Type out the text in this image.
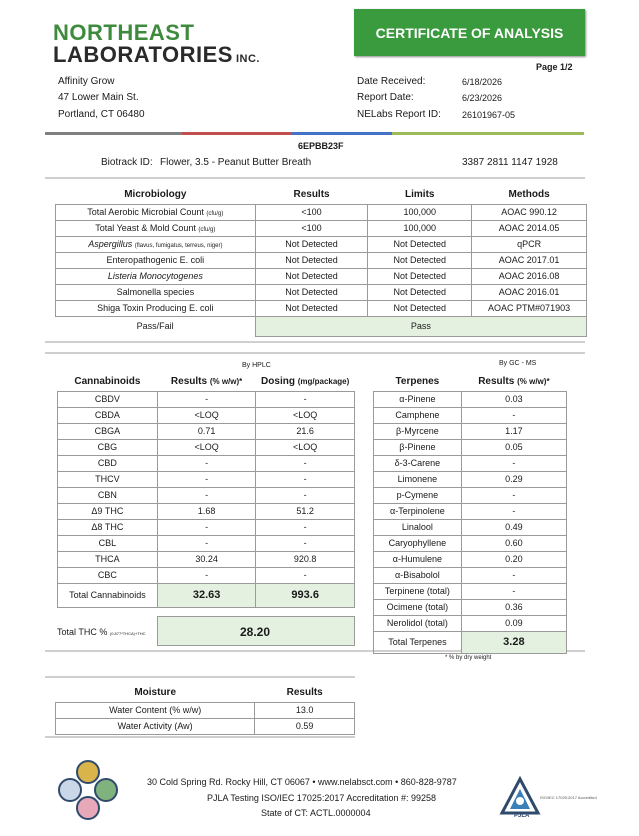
NORTHEAST
LABORATORIES INC.
CERTIFICATE OF ANALYSIS
Page 1/2
Affinity Grow
47 Lower Main St.
Portland, CT 06480
Date Received:	6/18/2026
Report Date:	6/23/2026
NELabs Report ID: 26101967-05
6EPBB23F
Biotrack ID: Flower, 3.5 - Peanut Butter Breath	3387 2811 1147 1928
Microbiology	Results	Limits	Methods
Total Aerobic Microbial Count (cfu/g)	<100	100,000	AOAC 990.12
Total Yeast & Mold Count (cfu/g)	<100	100,000	AOAC 2014.05
Aspergillus (flavus, fumigatus, terreus, niger)	Not Detected	Not Detected	qPCR
Enteropathogenic E. coli	Not Detected	Not Detected	AOAC 2017.01
Listeria Monocytogenes	Not Detected	Not Detected	AOAC 2016.08
Salmonella species	Not Detected	Not Detected	AOAC 2016.01
Shiga Toxin Producing E. coli	Not Detected	Not Detected	AOAC PTM#071903
Pass/Fail	Pass		
By HPLC	By GC - MS
Cannabinoids	Results (% w/w)*	Dosing (mg/package)
CBDV	-	-
CBDA	<LOQ	<LOQ
CBGA	0.71	21.6
CBG	<LOQ	<LOQ
CBD	-	-
THCV	-	-
CBN	-	-
Δ9 THC	1.68	51.2
Δ8 THC	-	-
CBL	-	-
THCA	30.24	920.8
CBC	-	-
Total Cannabinoids	32.63	993.6
Total THC % (0.877*THCA)+THC	28.20
Terpenes	Results (% w/w)*
α-Pinene	0.03
Camphene	-
β-Myrcene	1.17
β-Pinene	0.05
δ-3-Carene	-
Limonene	0.29
p-Cymene	-
α-Terpinolene	-
Linalool	0.49
Caryophyllene	0.60
α-Humulene	0.20
α-Bisabolol	-
Terpinene (total)	-
Ocimene (total)	0.36
Nerolidol (total)	0.09
Total Terpenes	3.28
* % by dry weight
Moisture	Results
Water Content (% w/w)	13.0
Water Activity (Aw)	0.59
30 Cold Spring Rd. Rocky Hill, CT 06067 • www.nelabsct.com • 860-828-9787
PJLA Testing ISO/IEC 17025:2017 Accreditation #: 99258
State of CT: ACTL.0000004	PJLA
ISO/IEC 17025:2017 Accredited
